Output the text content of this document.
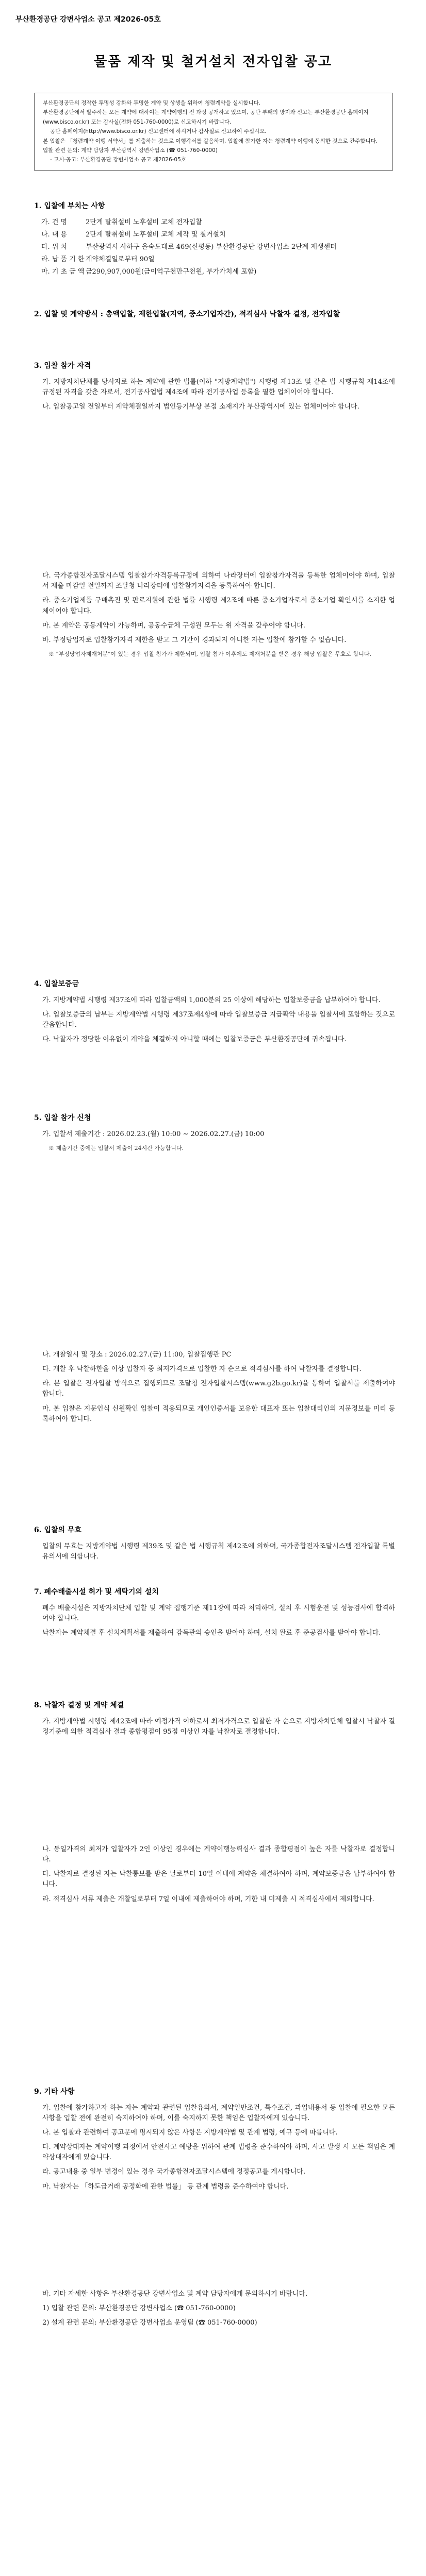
부산환경공단 강변사업소 공고 제2026-05호
물품 제작 및 철거설치 전자입찰 공고

부산환경공단의 정작한 투명성 강화와 투명한 계약 및 상생을 위하여 청렴계약을 실시합니다.

부산환경공단에서 발주하는 모든 계약에 대하여는 계약이행의 전 과정 공개하고 있으며, 공단 부패의 방지와 신고는 부산환경공단 홈페이지(www.bisco.or.kr) 또는 감사실(전화 051-760-0000)로 신고하시기 바랍니다.

공단 홈페이지(http://www.bisco.or.kr) 신고센터에 하시거나 감사실로 신고하여 주십시오.

본 입찰은 「청렴계약 이행 서약서」를 제출하는 것으로 이행각서를 갈음하며, 입찰에 참가한 자는 청렴계약 이행에 동의한 것으로 간주합니다.

입찰 관련 문의: 계약 담당자 부산광역시 강변사업소 (☎ 051-760-0000)

- 고시·공고: 부산환경공단 강변사업소 공고 제2026-05호

1. 입찰에 부치는 사항
가. 건 명	2단계 탈취설비 노후설비 교체 전자입찰
나. 내 용	2단계 탈취설비 노후설비 교체 제작 및 철거설치
다. 위 치	부산광역시 사하구 을숙도대로 469(신평동) 부산환경공단 강변사업소 2단계 재생센터
라. 납 품 기 한 계약체결일로부터 90일
마. 기 초 금 액 금290,907,000원(금이억구천만구천원, 부가가치세 포함)
2. 입찰 및 계약방식 : 총액입찰, 제한입찰(지역, 중소기업자간), 적격심사 낙찰자 결정, 전자입찰
3. 입찰 참가 자격
가. 지방자치단체를 당사자로 하는 계약에 관한 법률(이하 "지방계약법") 시행령 제13조 및 같은 법 시행규칙 제14조에 규정된 자격을 갖춘 자로서, 전기공사업법 제4조에 따라 전기공사업 등록을 필한 업체이어야 합니다.
나. 입찰공고일 전일부터 계약체결일까지 법인등기부상 본점 소재지가 부산광역시에 있는 업체이어야 합니다.
다. 국가종합전자조달시스템 입찰참가자격등록규정에 의하여 나라장터에 입찰참가자격을 등록한 업체이어야 하며, 입찰서 제출 마감일 전일까지 조달청 나라장터에 입찰참가자격을 등록하여야 합니다.
라. 중소기업제품 구매촉진 및 판로지원에 관한 법률 시행령 제2조에 따른 중소기업자로서 중소기업 확인서를 소지한 업체이어야 합니다.
마. 본 계약은 공동계약이 가능하며, 공동수급체 구성원 모두는 위 자격을 갖추어야 합니다.
바. 부정당업자로 입찰참가자격 제한을 받고 그 기간이 경과되지 아니한 자는 입찰에 참가할 수 없습니다.
※ "부정당업자제재처분"이 있는 경우 입찰 참가가 제한되며, 입찰 참가 이후에도 제재처분을 받은 경우 해당 입찰은 무효로 합니다.
4. 입찰보증금
가. 지방계약법 시행령 제37조에 따라 입찰금액의 1,000분의 25 이상에 해당하는 입찰보증금을 납부하여야 합니다.
나. 입찰보증금의 납부는 지방계약법 시행령 제37조제4항에 따라 입찰보증금 지급확약 내용을 입찰서에 포함하는 것으로 갈음합니다.
다. 낙찰자가 정당한 이유없이 계약을 체결하지 아니할 때에는 입찰보증금은 부산환경공단에 귀속됩니다.
5. 입찰 참가 신청
가. 입찰서 제출기간 : 2026.02.23.(월) 10:00 ~ 2026.02.27.(금) 10:00
※ 제출기간 중에는 입찰서 제출이 24시간 가능합니다.
나. 개찰일시 및 장소 : 2026.02.27.(금) 11:00, 입찰집행관 PC
다. 개찰 후 낙찰하한율 이상 입찰자 중 최저가격으로 입찰한 자 순으로 적격심사를 하여 낙찰자를 결정합니다.
라. 본 입찰은 전자입찰 방식으로 집행되므로 조달청 전자입찰시스템(www.g2b.go.kr)을 통하여 입찰서를 제출하여야 합니다.
마. 본 입찰은 지문인식 신원확인 입찰이 적용되므로 개인인증서를 보유한 대표자 또는 입찰대리인의 지문정보를 미리 등록하여야 합니다.
6. 입찰의 무효
입찰의 무효는 지방계약법 시행령 제39조 및 같은 법 시행규칙 제42조에 의하며, 국가종합전자조달시스템 전자입찰 특별유의서에 의합니다.
7. 폐수배출시설 허가 및 세탁기의 설치
폐수 배출시설은 지방자치단체 입찰 및 계약 집행기준 제11장에 따라 처리하며, 설치 후 시험운전 및 성능검사에 합격하여야 합니다.
낙찰자는 계약체결 후 설치계획서를 제출하여 감독관의 승인을 받아야 하며, 설치 완료 후 준공검사를 받아야 합니다.
8. 낙찰자 결정 및 계약 체결
가. 지방계약법 시행령 제42조에 따라 예정가격 이하로서 최저가격으로 입찰한 자 순으로 지방자치단체 입찰시 낙찰자 결정기준에 의한 적격심사 결과 종합평점이 95점 이상인 자를 낙찰자로 결정합니다.
나. 동일가격의 최저가 입찰자가 2인 이상인 경우에는 계약이행능력심사 결과 종합평점이 높은 자를 낙찰자로 결정합니다.
다. 낙찰자로 결정된 자는 낙찰통보를 받은 날로부터 10일 이내에 계약을 체결하여야 하며, 계약보증금을 납부하여야 합니다.
라. 적격심사 서류 제출은 개찰일로부터 7일 이내에 제출하여야 하며, 기한 내 미제출 시 적격심사에서 제외합니다.
9. 기타 사항
가. 입찰에 참가하고자 하는 자는 계약과 관련된 입찰유의서, 계약일반조건, 특수조건, 과업내용서 등 입찰에 필요한 모든 사항을 입찰 전에 완전히 숙지하여야 하며, 이를 숙지하지 못한 책임은 입찰자에게 있습니다.
나. 본 입찰과 관련하여 공고문에 명시되지 않은 사항은 지방계약법 및 관계 법령, 예규 등에 따릅니다.
다. 계약상대자는 계약이행 과정에서 안전사고 예방을 위하여 관계 법령을 준수하여야 하며, 사고 발생 시 모든 책임은 계약상대자에게 있습니다.
라. 공고내용 중 일부 변경이 있는 경우 국가종합전자조달시스템에 정정공고를 게시합니다.
마. 낙찰자는 「하도급거래 공정화에 관한 법률」 등 관계 법령을 준수하여야 합니다.
바. 기타 자세한 사항은 부산환경공단 강변사업소 및 계약 담당자에게 문의하시기 바랍니다.
1) 입찰 관련 문의: 부산환경공단 강변사업소 (☎ 051-760-0000)
2) 설계 관련 문의: 부산환경공단 강변사업소 운영팀 (☎ 051-760-0000)
